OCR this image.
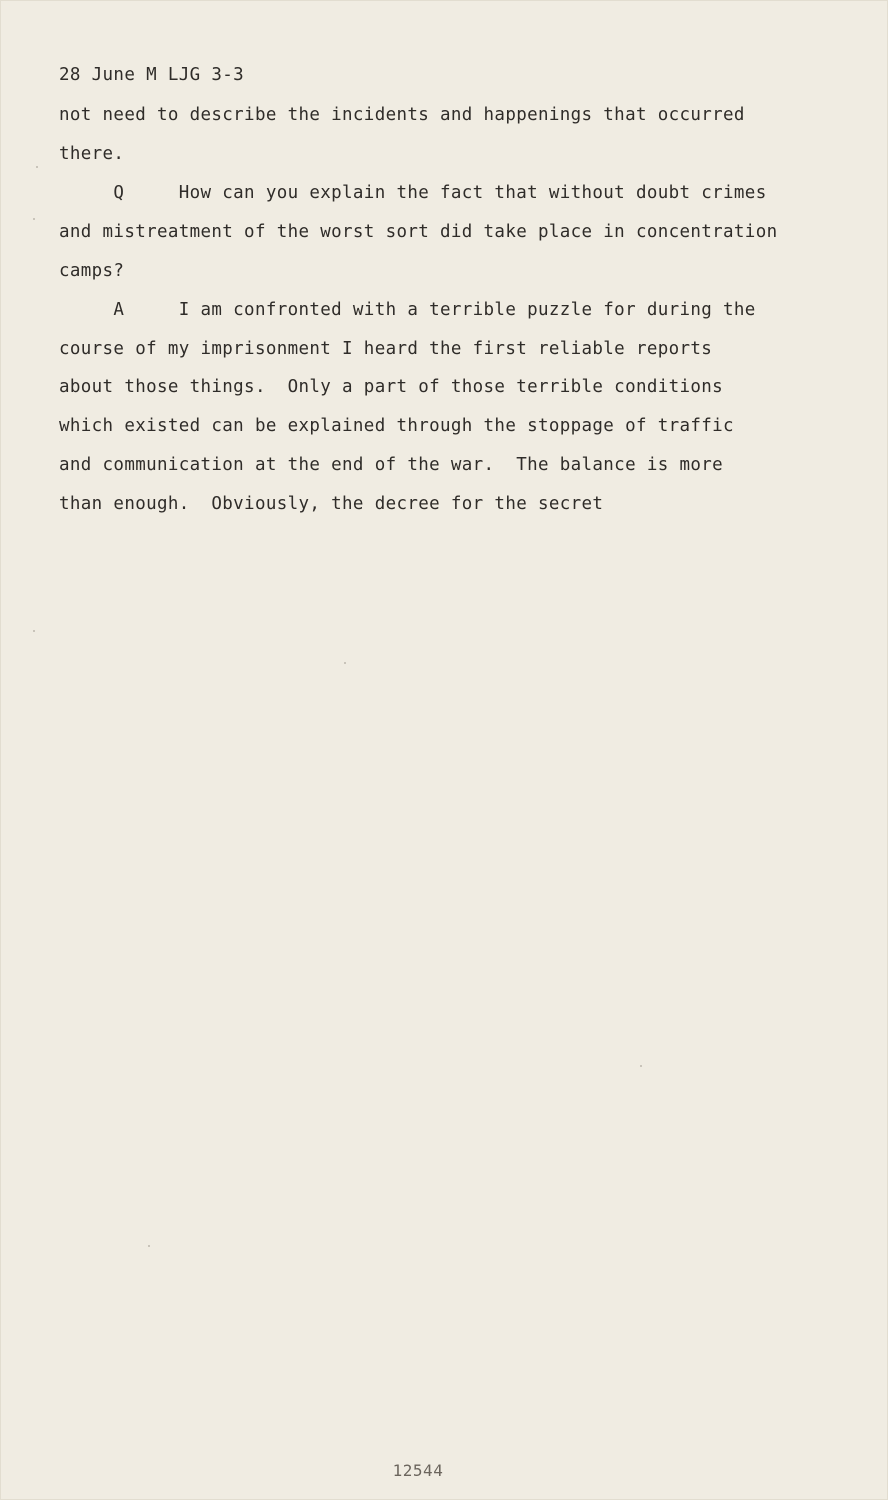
28 June M LJG 3-3
not need to describe the incidents and happenings that occurred
there.
Q     How can you explain the fact that without doubt crimes
and mistreatment of the worst sort did take place in concentration
camps?
A     I am confronted with a terrible puzzle for during the
course of my imprisonment I heard the first reliable reports
about those things.  Only a part of those terrible conditions
which existed can be explained through the stoppage of traffic
and communication at the end of the war.  The balance is more
than enough.  Obviously, the decree for the secret
12544
